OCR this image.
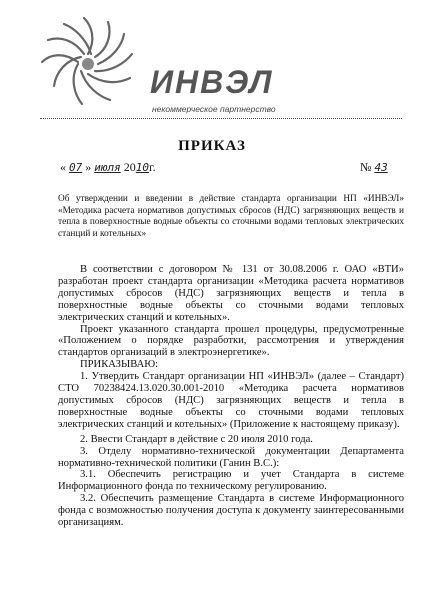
ИНВЭЛ
некоммерческое партнерство
ПРИКАЗ
« 07 » июля 2010г.	№ 43
Об утверждении и введении в действие стандарта организации НП «ИНВЭЛ» «Методика расчета нормативов допустимых сбросов (НДС) загрязняющих веществ и тепла в поверхностные водные объекты со сточными водами тепловых электрических станций и котельных»

В соответствии с договором № 131 от 30.08.2006 г. ОАО «ВТИ» разработан проект стандарта организации «Методика расчета нормативов допустимых сбросов (НДС) загрязняющих веществ и тепла в поверхностные водные объекты со сточными водами тепловых электрических станций и котельных».

Проект указанного стандарта прошел процедуры, предусмотренные «Положением о порядке разработки, рассмотрения и утверждения стандартов организаций в электроэнергетике».

ПРИКАЗЫВАЮ:

1. Утвердить Стандарт организации НП «ИНВЭЛ» (далее – Стандарт) СТО 70238424.13.020.30.001-2010 «Методика расчета нормативов допустимых сбросов (НДС) загрязняющих веществ и тепла в поверхностные водные объекты со сточными водами тепловых электрических станций и котельных» (Приложение к настоящему приказу).

2. Ввести Стандарт в действие с 20 июля 2010 года.

3. Отделу нормативно-технической документации Департамента нормативно-технической политики (Ганин В.С.):

3.1. Обеспечить регистрацию и учет Стандарта в системе Информационного фонда по техническому регулированию.

3.2. Обеспечить размещение Стандарта в системе Информационного фонда с возможностью получения доступа к документу заинтересованными организациям.
